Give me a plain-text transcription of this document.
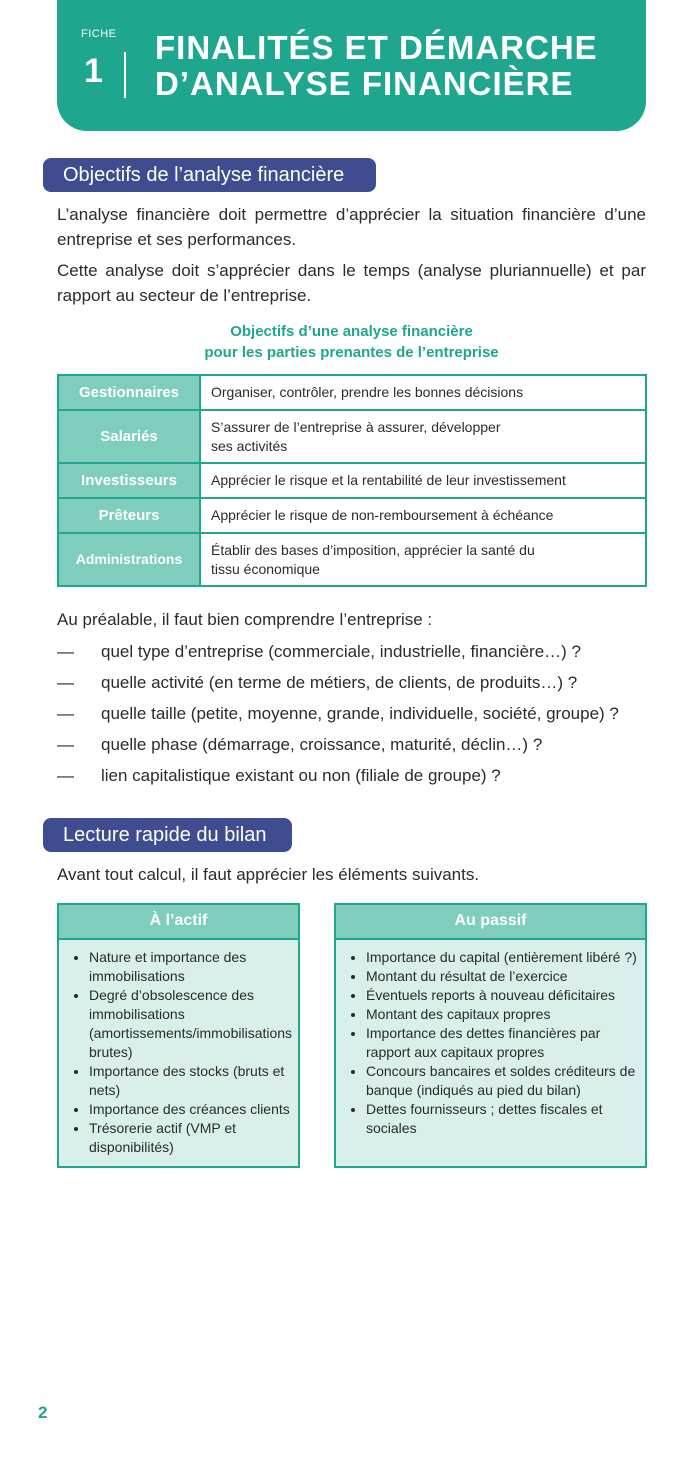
FICHE
1
FINALITÉS ET DÉMARCHE
D’ANALYSE FINANCIÈRE
Objectifs de l’analyse financière
L’analyse financière doit permettre d’apprécier la situation financière d’une entreprise et ses performances.
Cette analyse doit s’apprécier dans le temps (analyse pluriannuelle) et par rapport au secteur de l’entreprise.
Objectifs d’une analyse financière
pour les parties prenantes de l’entreprise
Gestionnaires	Organiser, contrôler, prendre les bonnes décisions
Salariés	S’assurer de l’entreprise à assurer, développer ses activités
Investisseurs	Apprécier le risque et la rentabilité de leur investissement
Prêteurs	Apprécier le risque de non-remboursement à échéance
Administrations	Établir des bases d’imposition, apprécier la santé du tissu économique
Au préalable, il faut bien comprendre l’entreprise :
— quel type d’entreprise (commerciale, industrielle, financière…) ?
— quelle activité (en terme de métiers, de clients, de produits…) ?
— quelle taille (petite, moyenne, grande, individuelle, société, groupe) ?
— quelle phase (démarrage, croissance, maturité, déclin…) ?
— lien capitalistique existant ou non (filiale de groupe) ?
Lecture rapide du bilan
Avant tout calcul, il faut apprécier les éléments suivants.
À l’actif
• Nature et importance des immobilisations
• Degré d’obsolescence des immobilisations (amortissements/immobilisations brutes)
• Importance des stocks (bruts et nets)
• Importance des créances clients
• Trésorerie actif (VMP et disponibilités)
Au passif
• Importance du capital (entièrement libéré ?)
• Montant du résultat de l’exercice
• Éventuels reports à nouveau déficitaires
• Montant des capitaux propres
• Importance des dettes financières par rapport aux capitaux propres
• Concours bancaires et soldes créditeurs de banque (indiqués au pied du bilan)
• Dettes fournisseurs ; dettes fiscales et sociales
2
